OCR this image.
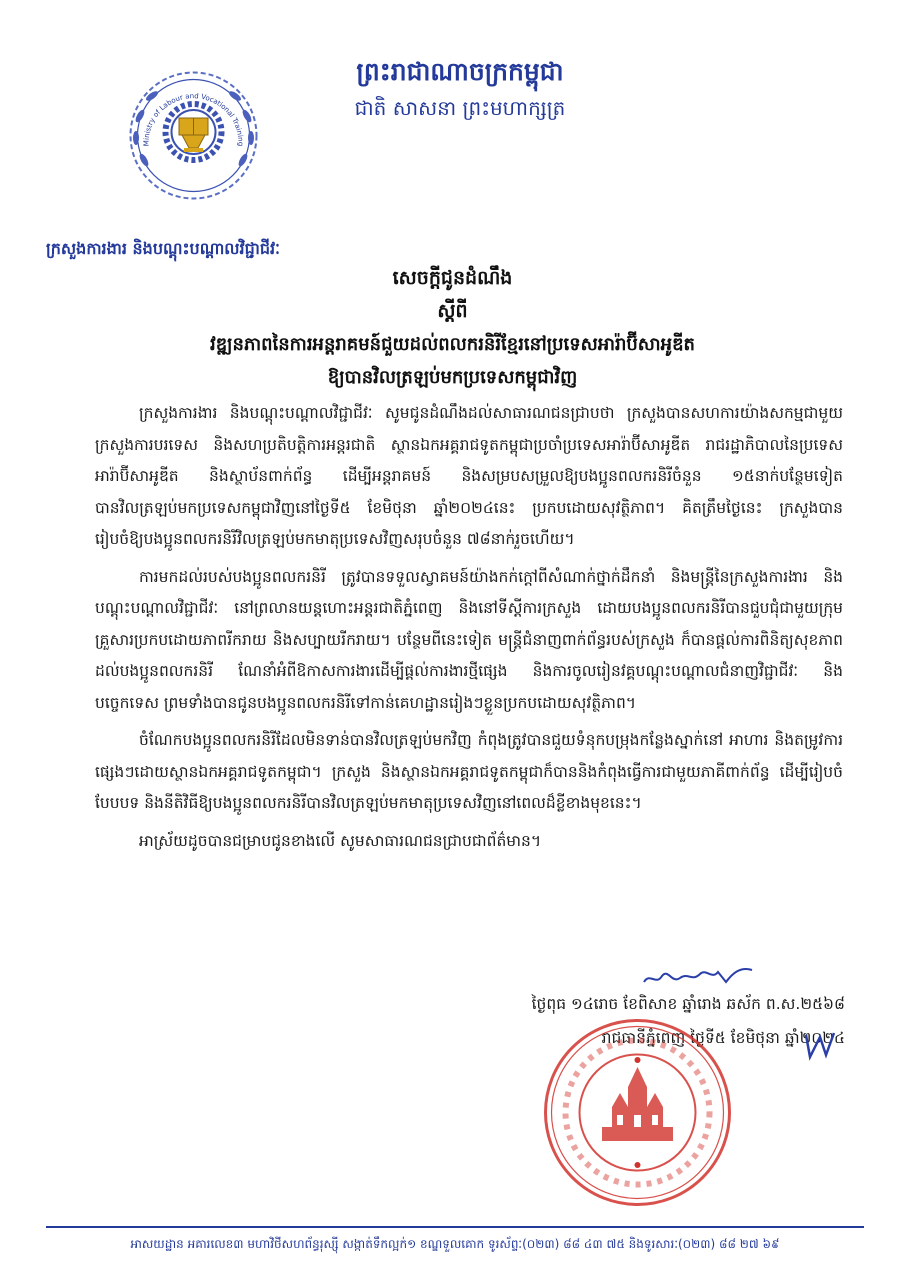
ព្រះរាជាណាចក្រកម្ពុជា
ជាតិ សាសនា ព្រះមហាក្សត្រ
Ministry of Labour and Vocational Training
ក្រសួងការងារ និងបណ្តុះបណ្តាលវិជ្ជាជីវៈ
សេចក្តីជូនដំណឹង
ស្តីពី
វឌ្ឍនភាពនៃការអន្តរាគមន៍ជួយដល់ពលករនិរីខ្មែរនៅប្រទេសអារ៉ាប៊ីសាអូឌីត
ឱ្យបានវិលត្រឡប់មកប្រទេសកម្ពុជាវិញ

ក្រសួងការងារ និងបណ្តុះបណ្តាលវិជ្ជាជីវៈ សូមជូនដំណឹងដល់សាធារណជនជ្រាបថា ក្រសួងបានសហការយ៉ាងសកម្មជាមួយក្រសួងការបរទេស និងសហប្រតិបត្តិការអន្តរជាតិ ស្ថានឯកអគ្គរាជទូតកម្ពុជាប្រចាំប្រទេសអារ៉ាប៊ីសាអូឌីត រាជរដ្ឋាភិបាលនៃប្រទេសអារ៉ាប៊ីសាអូឌីត និងស្ថាប័នពាក់ព័ន្ធ ដើម្បីអន្តរាគមន៍ និងសម្របសម្រួលឱ្យបងប្អូនពលករនិរីចំនួន ១៥នាក់បន្ថែមទៀត បានវិលត្រឡប់មកប្រទេសកម្ពុជាវិញនៅថ្ងៃទី៥ ខែមិថុនា ឆ្នាំ២០២៤នេះ ប្រកបដោយសុវត្ថិភាព។ គិតត្រឹមថ្ងៃនេះ ក្រសួងបានរៀបចំឱ្យបងប្អូនពលករនិរីវិលត្រឡប់មកមាតុប្រទេសវិញសរុបចំនួន ៧៨នាក់រួចហើយ។

ការមកដល់របស់បងប្អូនពលករនិរី ត្រូវបានទទួលស្វាគមន៍យ៉ាងកក់ក្តៅពីសំណាក់ថ្នាក់ដឹកនាំ និងមន្ត្រីនៃក្រសួងការងារ និងបណ្តុះបណ្តាលវិជ្ជាជីវៈ នៅព្រលានយន្តហោះអន្តរជាតិភ្នំពេញ និងនៅទីស្តីការក្រសួង ដោយបងប្អូនពលករនិរីបានជួបជុំជាមួយក្រុមគ្រួសារប្រកបដោយភាពរីករាយ និងសប្បាយរីករាយ។ បន្ថែមពីនេះទៀត មន្ត្រីជំនាញពាក់ព័ន្ធរបស់ក្រសួង ក៏បានផ្តល់ការពិនិត្យសុខភាពដល់បងប្អូនពលករនិរី ណែនាំអំពីឱកាសការងារដើម្បីផ្តល់ការងារថ្មីផ្សេង និងការចូលរៀនវគ្គបណ្តុះបណ្តាលជំនាញវិជ្ជាជីវៈ និងបច្ចេកទេស ព្រមទាំងបានជូនបងប្អូនពលករនិរីទៅកាន់គេហដ្ឋានរៀងៗខ្លួនប្រកបដោយសុវត្ថិភាព។

ចំណែកបងប្អូនពលករនិរីដែលមិនទាន់បានវិលត្រឡប់មកវិញ កំពុងត្រូវបានជួយទំនុកបម្រុងកន្លែងស្នាក់នៅ អាហារ និងតម្រូវការផ្សេងៗដោយស្ថានឯកអគ្គរាជទូតកម្ពុជា។ ក្រសួង និងស្ថានឯកអគ្គរាជទូតកម្ពុជាក៏បាននិងកំពុងធ្វើការជាមួយភាគីពាក់ព័ន្ធ ដើម្បីរៀបចំបែបបទ និងនីតិវិធីឱ្យបងប្អូនពលករនិរីបានវិលត្រឡប់មកមាតុប្រទេសវិញនៅពេលដ៏ខ្លីខាងមុខនេះ។

អាស្រ័យដូចបានជម្រាបជូនខាងលើ សូមសាធារណជនជ្រាបជាព័ត៌មាន។

ថ្ងៃពុធ ១៤រោច ខែពិសាខ ឆ្នាំរោង ឆស័ក ព.ស.២៥៦៨
រាជធានីភ្នំពេញ ថ្ងៃទី៥ ខែមិថុនា ឆ្នាំ២០២៤
អាសយដ្ឋាន អគារលេខ៣ មហាវិថីសហព័ន្ធរុស្ស៊ី សង្កាត់ទឹកល្អក់១ ខណ្ឌទួលគោក ទូរស័ព្ទៈ(០២៣) ៨៨ ៤៣ ៧៥ និងទូរសារៈ(០២៣) ៨៨ ២៧ ៦៩
